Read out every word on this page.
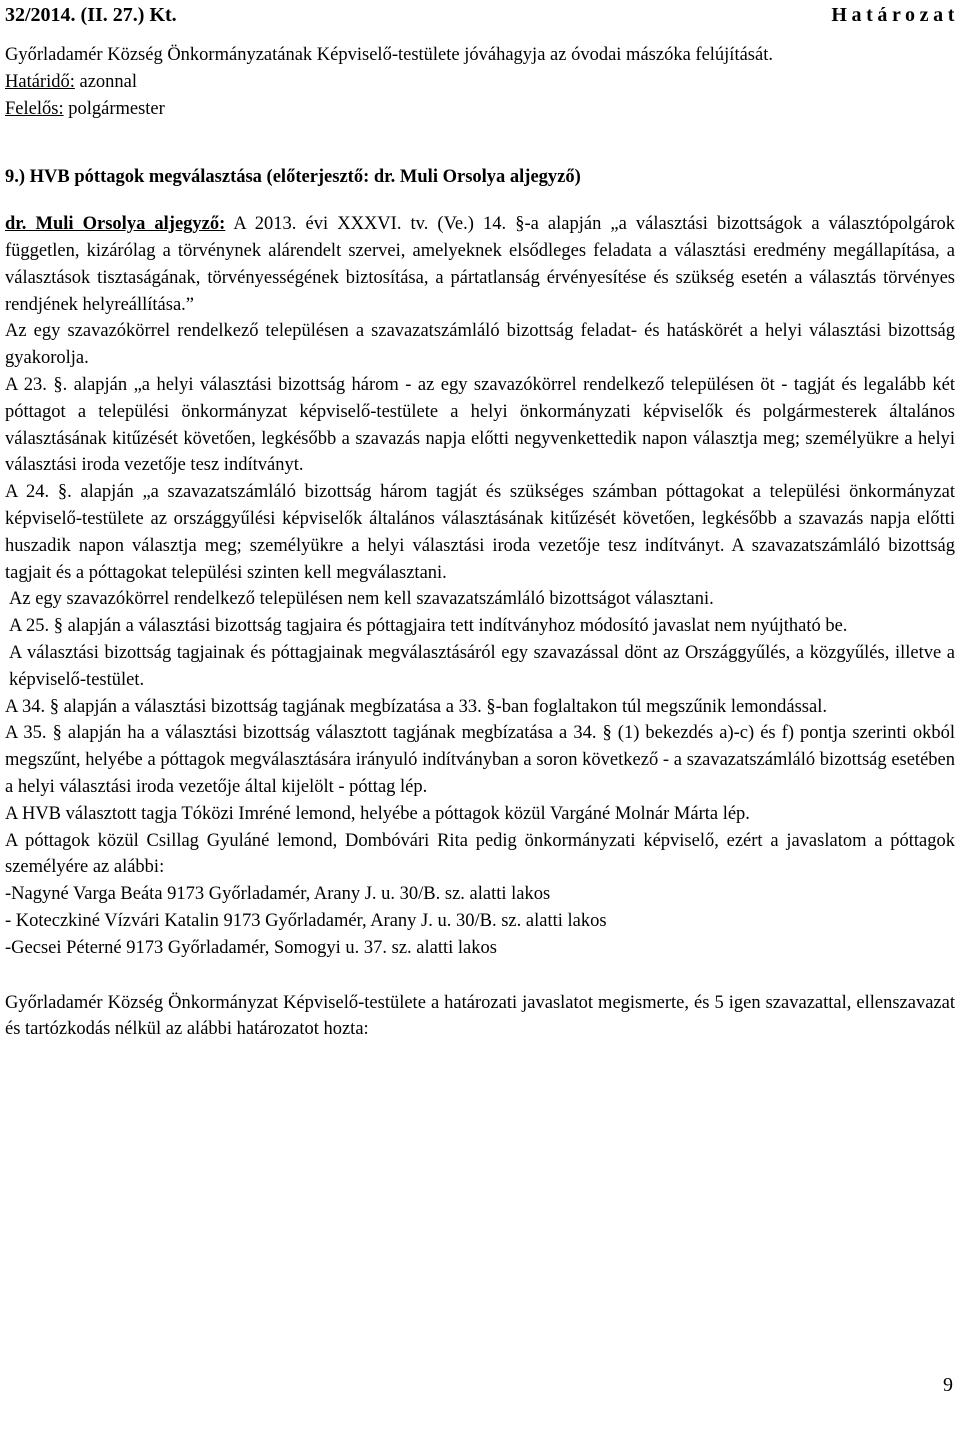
32/2014. (II. 27.) Kt.	Határozat

Győrladamér Község Önkormányzatának Képviselő-testülete jóváhagyja az óvodai mászóka felújítását.

Határidő: azonnal

Felelős: polgármester

9.) HVB póttagok megválasztása (előterjesztő: dr. Muli Orsolya aljegyző)

dr. Muli Orsolya aljegyző: A 2013. évi XXXVI. tv. (Ve.) 14. §-a alapján „a választási bizottságok a választópolgárok független, kizárólag a törvénynek alárendelt szervei, amelyeknek elsődleges feladata a választási eredmény megállapítása, a választások tisztaságának, törvényességének biztosítása, a pártatlanság érvényesítése és szükség esetén a választás törvényes rendjének helyreállítása.”

Az egy szavazókörrel rendelkező településen a szavazatszámláló bizottság feladat- és hatáskörét a helyi választási bizottság gyakorolja.

A 23. §. alapján „a helyi választási bizottság három - az egy szavazókörrel rendelkező településen öt - tagját és legalább két póttagot a települési önkormányzat képviselő-testülete a helyi önkormányzati képviselők és polgármesterek általános választásának kitűzését követően, legkésőbb a szavazás napja előtti negyvenkettedik napon választja meg; személyükre a helyi választási iroda vezetője tesz indítványt.

A 24. §. alapján „a szavazatszámláló bizottság három tagját és szükséges számban póttagokat a települési önkormányzat képviselő-testülete az országgyűlési képviselők általános választásának kitűzését követően, legkésőbb a szavazás napja előtti huszadik napon választja meg; személyükre a helyi választási iroda vezetője tesz indítványt. A szavazatszámláló bizottság tagjait és a póttagokat települési szinten kell megválasztani.

Az egy szavazókörrel rendelkező településen nem kell szavazatszámláló bizottságot választani.

A 25. § alapján a választási bizottság tagjaira és póttagjaira tett indítványhoz módosító javaslat nem nyújtható be.

A választási bizottság tagjainak és póttagjainak megválasztásáról egy szavazással dönt az Országgyűlés, a közgyűlés, illetve a képviselő-testület.

A 34. § alapján a választási bizottság tagjának megbízatása a 33. §-ban foglaltakon túl megszűnik lemondással.

A 35. § alapján ha a választási bizottság választott tagjának megbízatása a 34. § (1) bekezdés a)-c) és f) pontja szerinti okból megszűnt, helyébe a póttagok megválasztására irányuló indítványban a soron következő - a szavazatszámláló bizottság esetében a helyi választási iroda vezetője által kijelölt - póttag lép.

A HVB választott tagja Tóközi Imréné lemond, helyébe a póttagok közül Vargáné Molnár Márta lép.

A póttagok közül Csillag Gyuláné lemond, Dombóvári Rita pedig önkormányzati képviselő, ezért a javaslatom a póttagok személyére az alábbi:

-Nagyné Varga Beáta 9173 Győrladamér, Arany J. u. 30/B. sz. alatti lakos

- Koteczkiné Vízvári Katalin 9173 Győrladamér, Arany J. u. 30/B. sz. alatti lakos

-Gecsei Péterné 9173 Győrladamér, Somogyi u. 37. sz. alatti lakos

Győrladamér Község Önkormányzat Képviselő-testülete a határozati javaslatot megismerte, és 5 igen szavazattal, ellenszavazat és tartózkodás nélkül az alábbi határozatot hozta:

9
